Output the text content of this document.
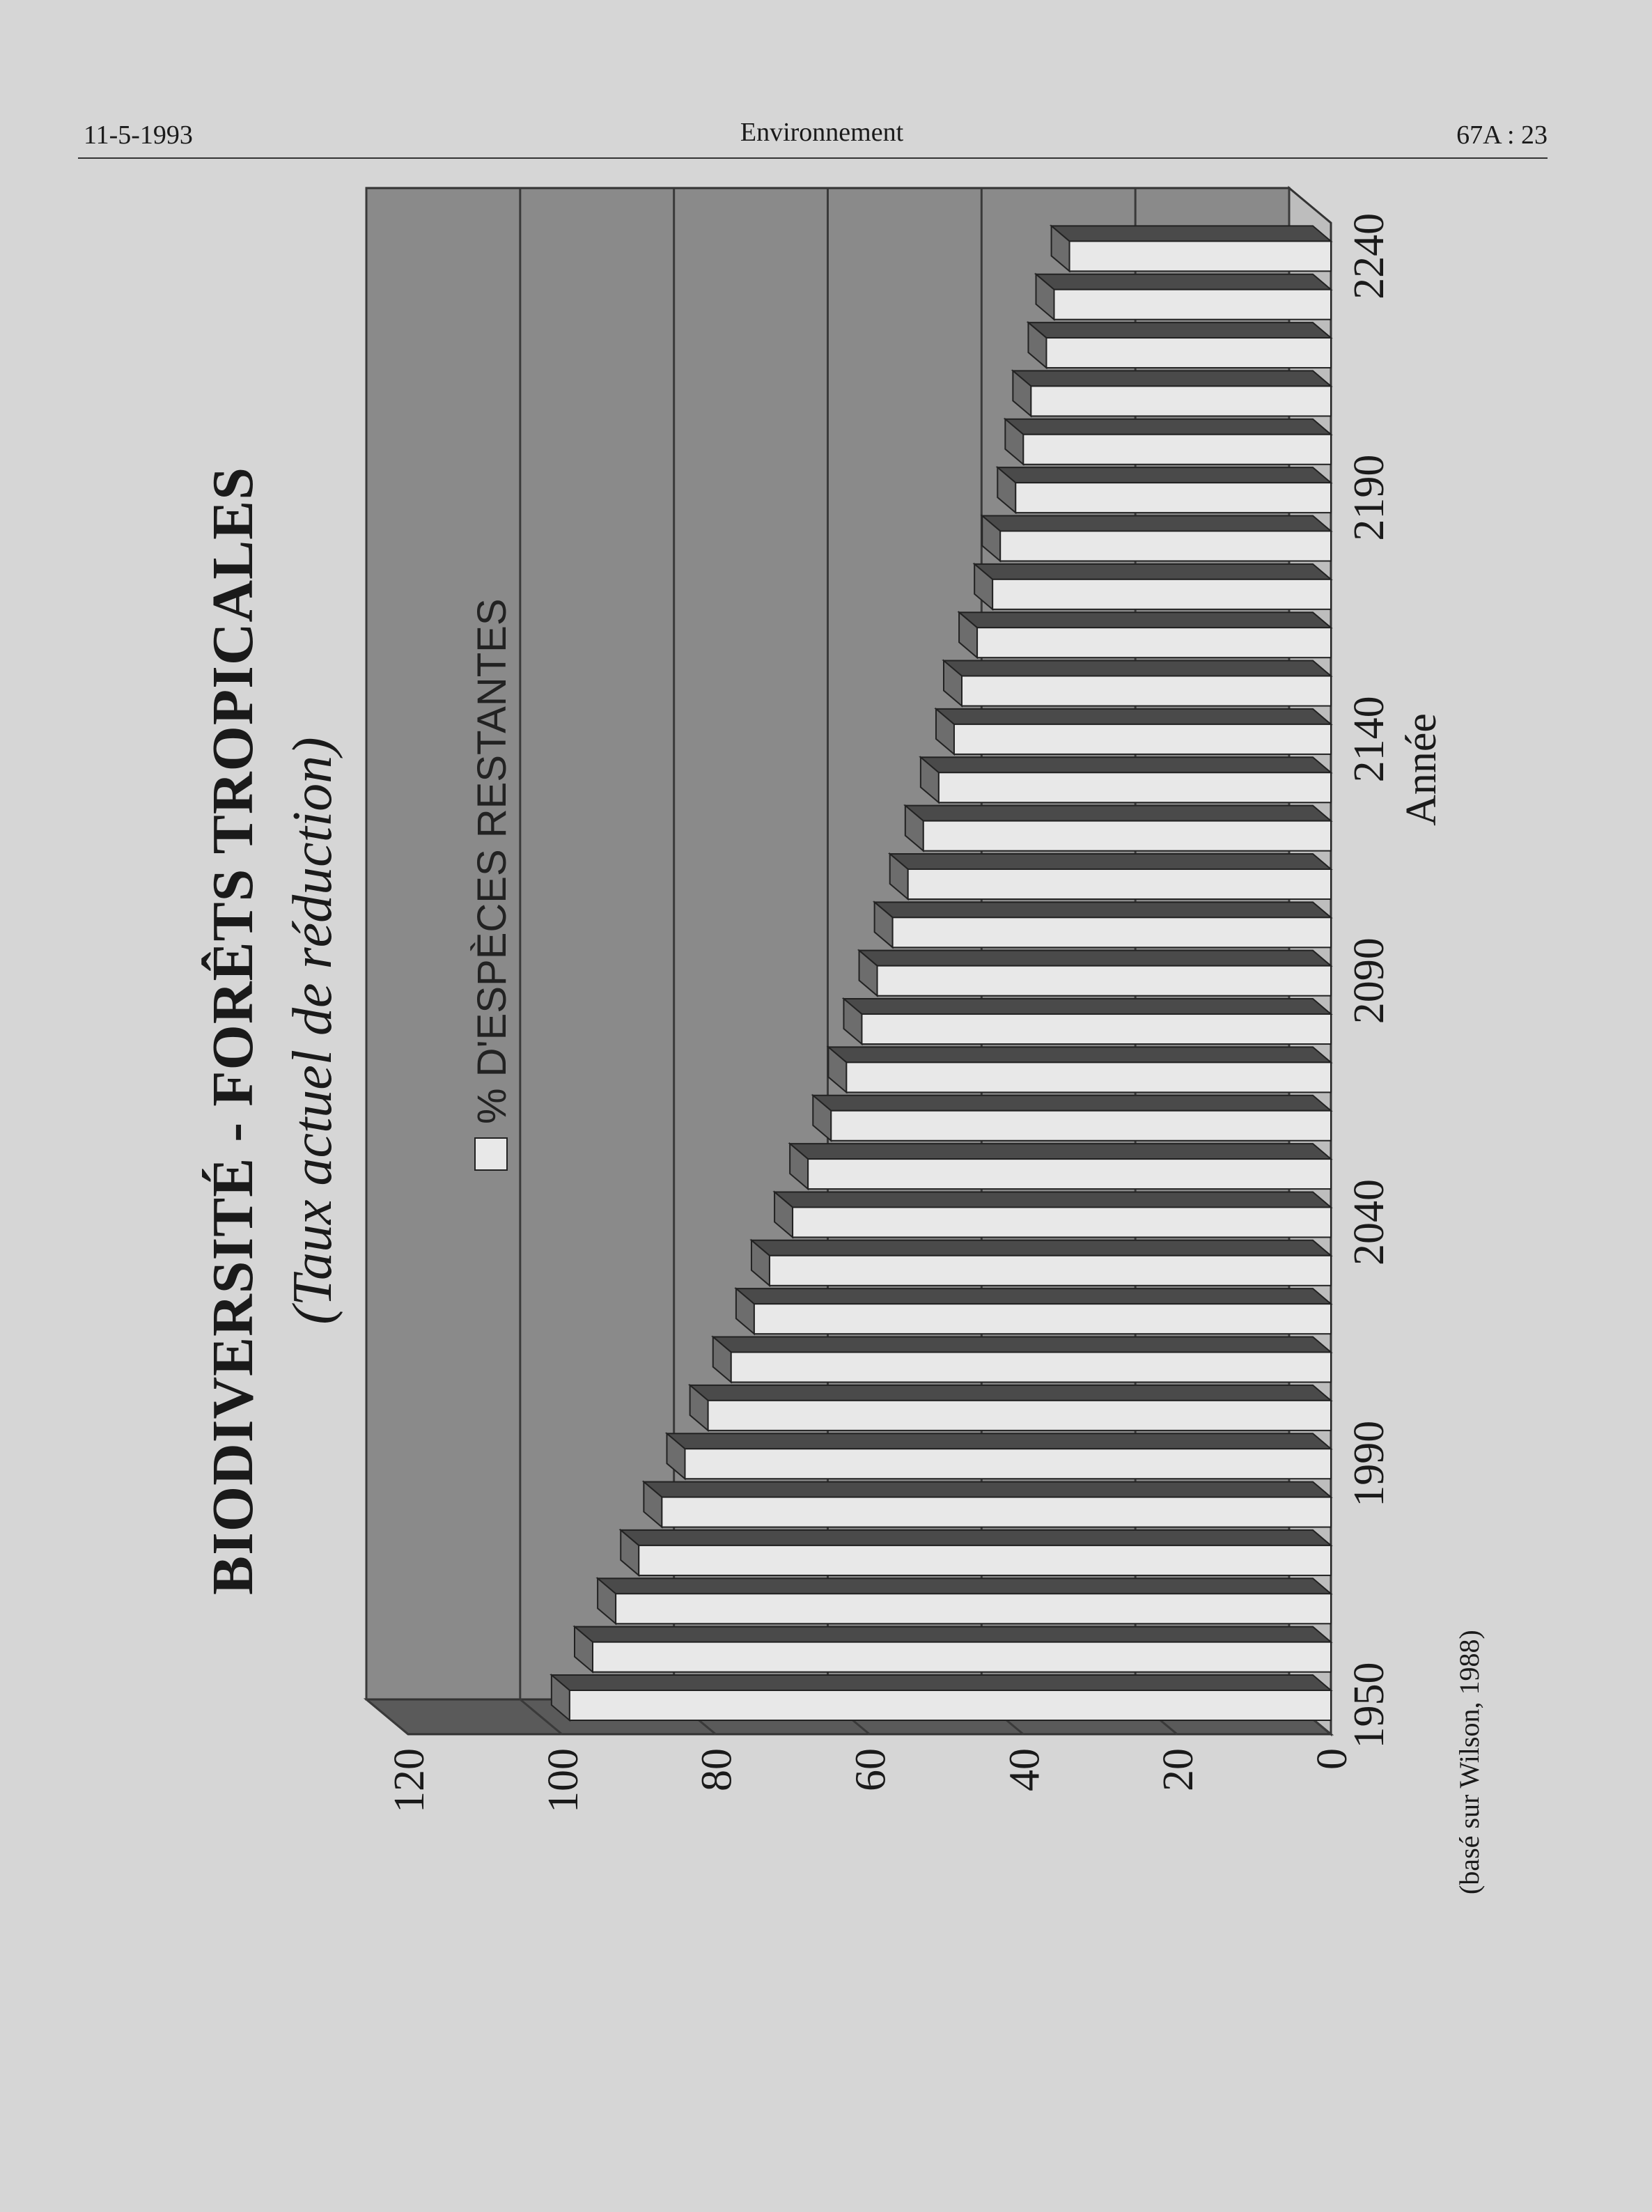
11-5-1993	Environnement	67A : 23
BIODIVERSITÉ - FORÊTS TROPICALES (Taux actuel de réduction)
0
20
40
60
80
100
120
1950
1990
2040
2090
2140
2190
2240
Année
% D'ESPÈCES RESTANTES
(basé sur Wilson, 1988)
